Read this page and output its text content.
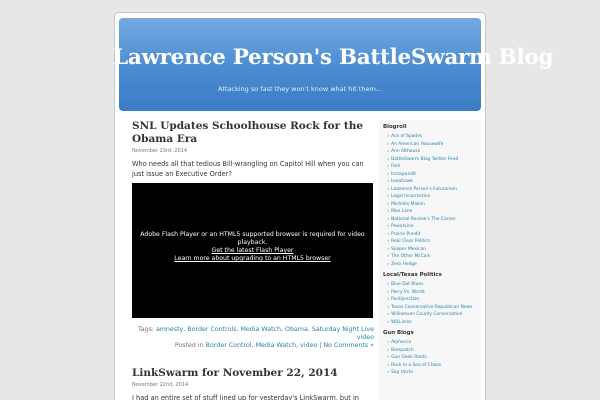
Lawrence Person's BattleSwarm Blog
Attacking so fast they won't know what hit them...
SNL Updates Schoolhouse Rock for the Obama Era
November 23rd, 2014

Who needs all that tedious Bill-wrangling on Capitol Hill when you can just issue an Executive Order?

Adobe Flash Player or an HTML5 supported browser is required for video playback.
Get the latest Flash Player
Learn more about upgrading to an HTML5 browser
Tags: amnesty, Border Controls, Media Watch, Obama, Saturday Night Live video
Posted in Border Control, Media Watch, video | No Comments »
LinkSwarm for November 22, 2014
November 22nd, 2014

I had an entire set of stuff lined up for yesterday's LinkSwarm, but in

Blogroll
» Ace of Spades
» An American Housewife
» Ann Althouse
» BattleSwarm Blog Twitter Feed
» Fark
» Instapundit
» Iowahawk
» Lawrence Person's Futuramen
» Legal Insurrection
» Michelle Malkin
» Moe Lane
» National Review's The Corner
» PowerLine
» Prairie Pundit
» Real Clear Politics
» Sooper Mexican
» The Other McCain
» Zero Hedge
Local/Texas Politics
» Blue Dot Blues
» Perry Vs. World
» PushJunction
» Texas Conservative Republican News
» Williamson County Conservative
» WILLisms
Gun Blogs
» Alphecca
» Borepatch
» Gun Geek Rants
» Rock in a Sea of Chaos
» Say Uncle
